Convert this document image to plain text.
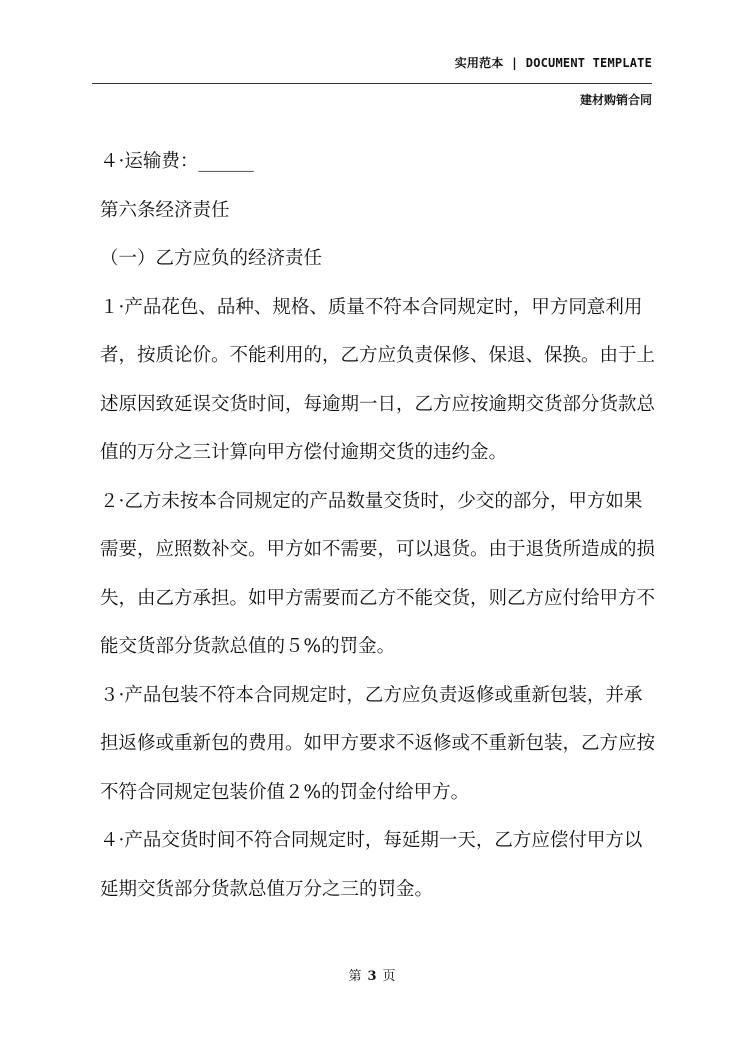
实用范本 | DOCUMENT TEMPLATE
建材购销合同

４·运输费：______

第六条经济责任

（一）乙方应负的经济责任

１·产品花色、品种、规格、质量不符本合同规定时，甲方同意利用者，按质论价。不能利用的，乙方应负责保修、保退、保换。由于上述原因致延误交货时间，每逾期一日，乙方应按逾期交货部分货款总值的万分之三计算向甲方偿付逾期交货的违约金。

２·乙方未按本合同规定的产品数量交货时，少交的部分，甲方如果需要，应照数补交。甲方如不需要，可以退货。由于退货所造成的损失，由乙方承担。如甲方需要而乙方不能交货，则乙方应付给甲方不能交货部分货款总值的５%的罚金。

３·产品包装不符本合同规定时，乙方应负责返修或重新包装，并承担返修或重新包的费用。如甲方要求不返修或不重新包装，乙方应按不符合同规定包装价值２%的罚金付给甲方。

４·产品交货时间不符合同规定时，每延期一天，乙方应偿付甲方以延期交货部分货款总值万分之三的罚金。

第 3 页
